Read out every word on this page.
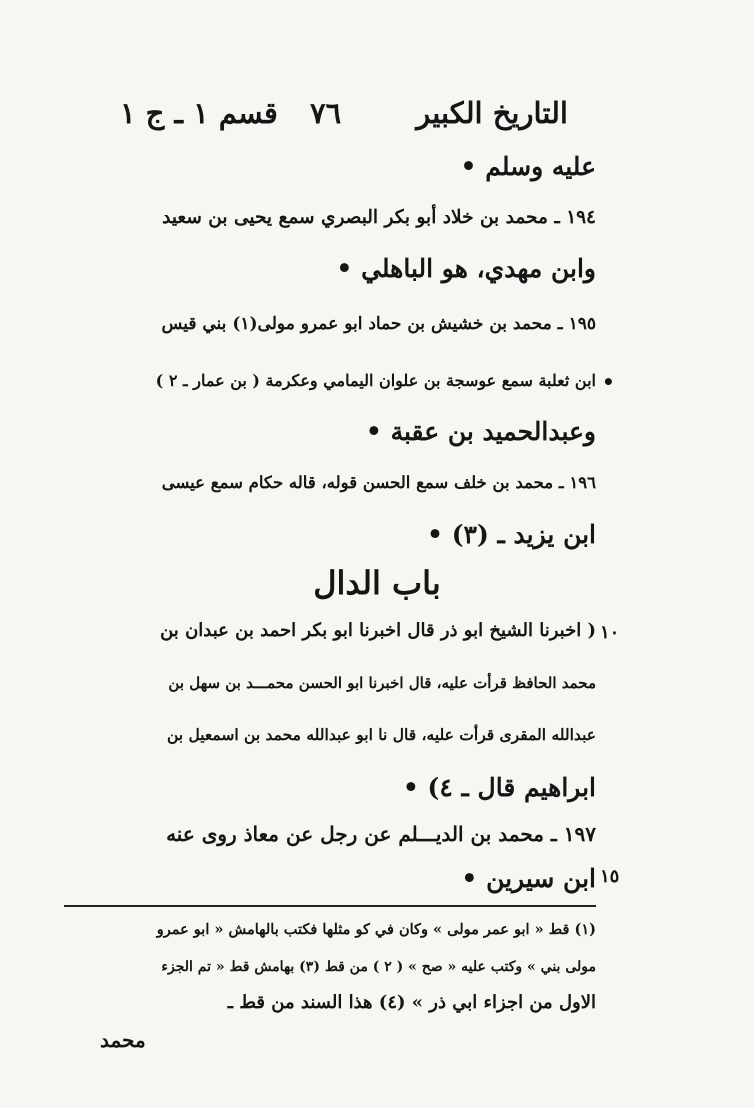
التاريخ الكبير
٧٦
قسم ١ ـ ج ١
عليه وسلم •
١٩٤ ـ محمد بن خلاد أبو بكر البصري سمع يحيى بن سعيد
وابن مهدي، هو الباهلي •
١٩٥ ـ محمد بن خشيش بن حماد ابو عمرو مولى(١) بني قيس
ابن ثعلبة سمع عوسجة بن علوان اليمامي وعكرمة ( بن عمار ـ ٢ )
وعبدالحميد بن عقبة •
١٩٦ ـ محمد بن خلف سمع الحسن قوله، قاله حكام سمع عيسى
ابن يزيد ـ (٣) •
•
باب الدال
( اخبرنا الشيخ ابو ذر قال اخبرنا ابو بكر احمد بن عبدان بن ١٠
محمد الحافظ قرأت عليه، قال اخبرنا ابو الحسن محمـــد بن سهل بن
عبدالله المقرى قرأت عليه، قال نا ابو عبدالله محمد بن اسمعيل بن
ابراهيم قال ـ ٤) •
١٩٧ ـ محمد بن الديـــلم عن رجل عن معاذ روى عنه
ابن سيرين • ١٥
(١) قط « ابو عمر مولى » وكان في كو مثلها فكتب بالهامش « ابو عمرو
مولى بني » وكتب عليه « صح » ( ٢ ) من قط (٣) بهامش قط « تم الجزء
الاول من اجزاء ابي ذر » (٤) هذا السند من قط ـ
محمد
